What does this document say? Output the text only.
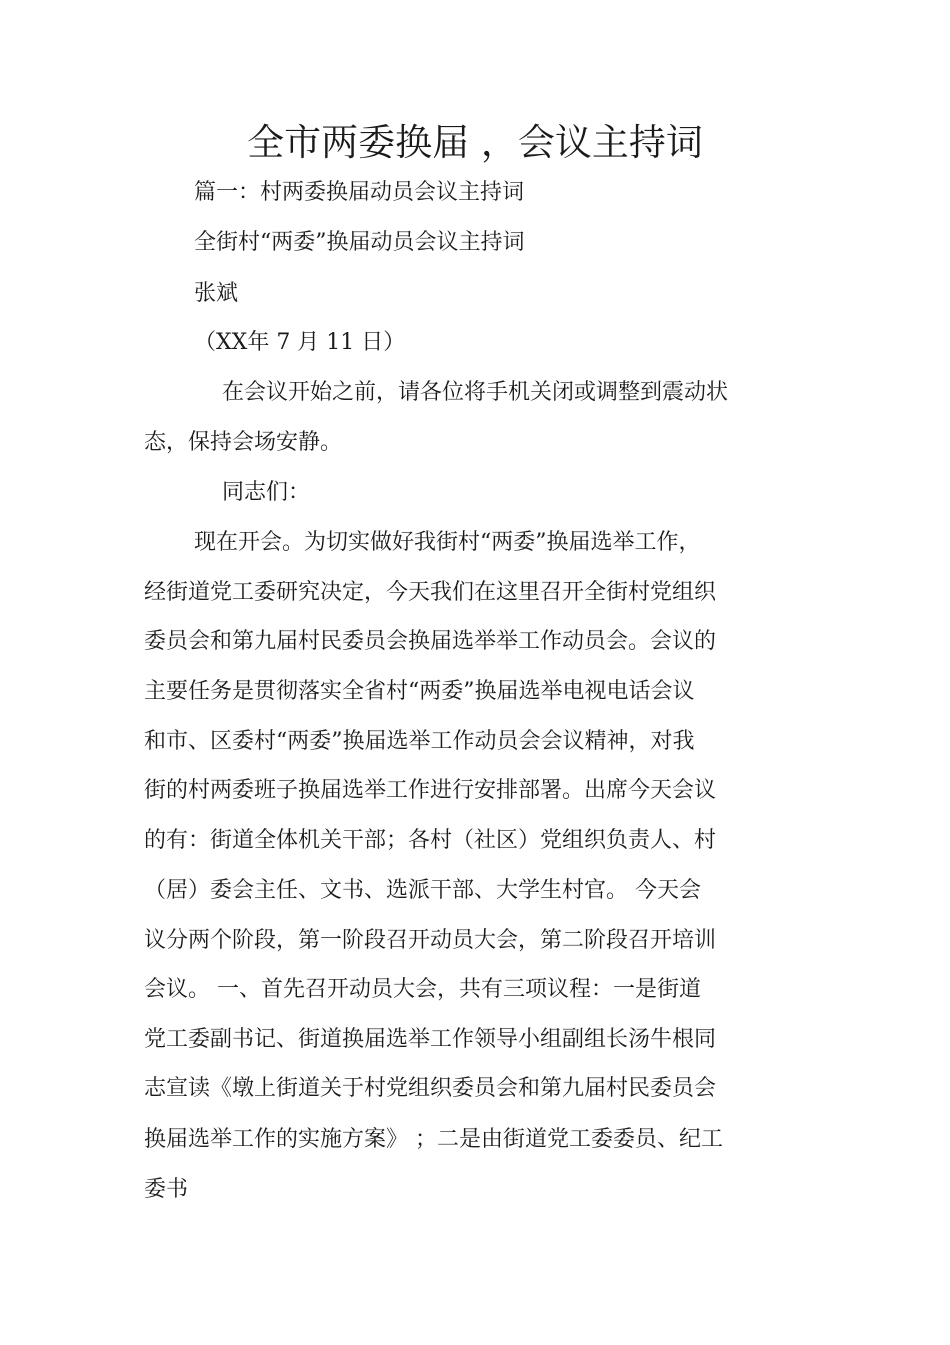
全市两委换届 ，会议主持词
篇一：村两委换届动员会议主持词
全街村“两委”换届动员会议主持词
张斌
（XX年 7 月 11 日）
在会议开始之前，请各位将手机关闭或调整到震动状
态，保持会场安静。
同志们：
现在开会。为切实做好我街村“两委”换届选举工作，
经街道党工委研究决定，今天我们在这里召开全街村党组织
委员会和第九届村民委员会换届选举举工作动员会。会议的
主要任务是贯彻落实全省村“两委”换届选举电视电话会议
和市、区委村“两委”换届选举工作动员会会议精神，对我
街的村两委班子换届选举工作进行安排部署。出席今天会议
的有：街道全体机关干部；各村（社区）党组织负责人、村
（居）委会主任、文书、选派干部、大学生村官。 今天会
议分两个阶段，第一阶段召开动员大会，第二阶段召开培训
会议。 一、首先召开动员大会，共有三项议程：一是街道
党工委副书记、街道换届选举工作领导小组副组长汤牛根同
志宣读《墩上街道关于村党组织委员会和第九届村民委员会
换届选举工作的实施方案》 ；二是由街道党工委委员、纪工
委书
